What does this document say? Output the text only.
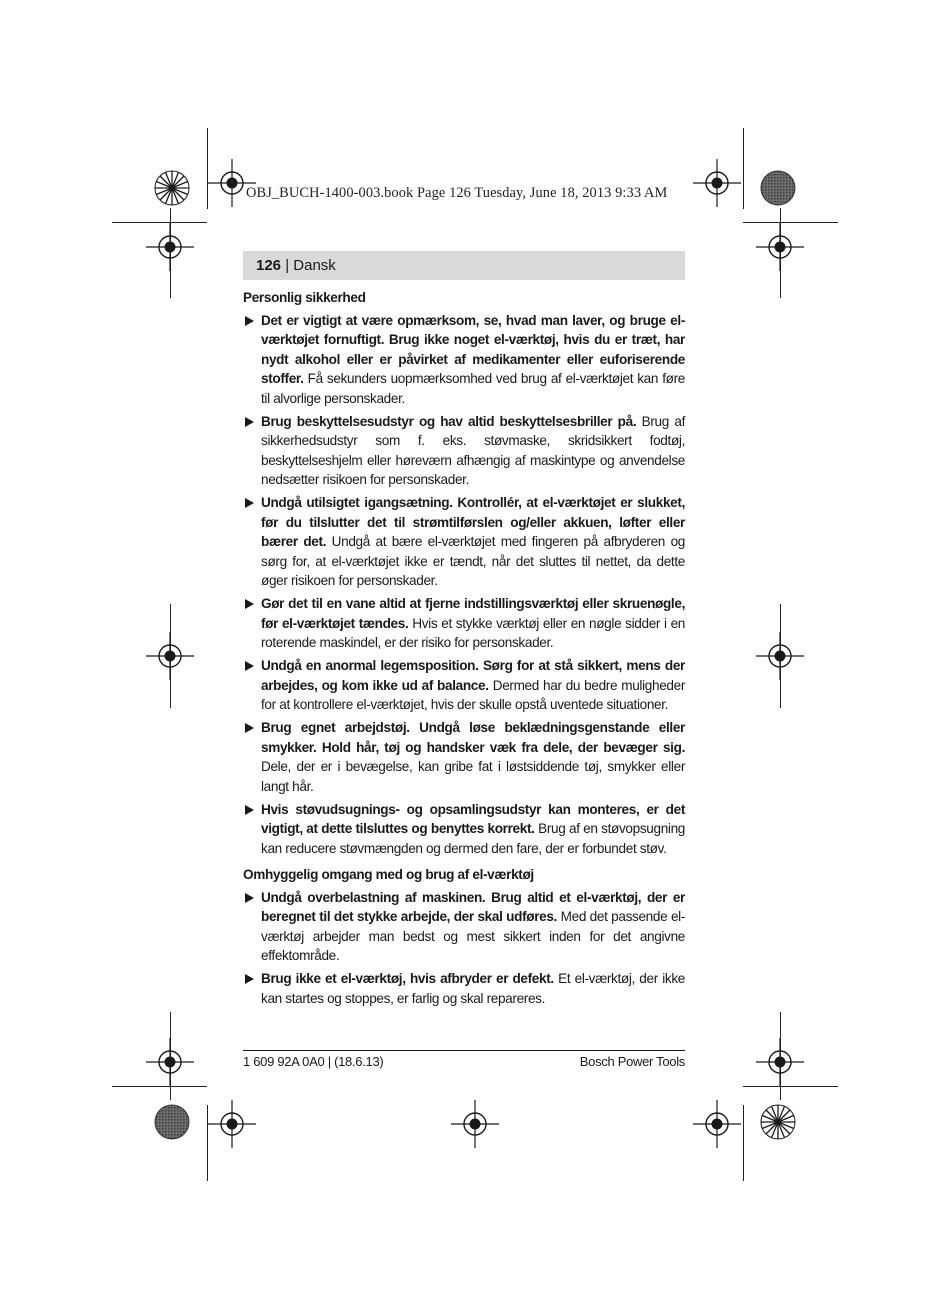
OBJ_BUCH-1400-003.book Page 126 Tuesday, June 18, 2013 9:33 AM
126 | Dansk
Personlig sikkerhed
Det er vigtigt at være opmærksom, se, hvad man laver, og bruge el-værktøjet fornuftigt. Brug ikke noget el-værktøj, hvis du er træt, har nydt alkohol eller er påvirket af medikamenter eller euforiserende stoffer. Få sekunders uopmærksomhed ved brug af el-værktøjet kan føre til alvorlige personskader.
Brug beskyttelsesudstyr og hav altid beskyttelsesbriller på. Brug af sikkerhedsudstyr som f. eks. støvmaske, skridsikkert fodtøj, beskyttelseshjelm eller høreværn afhængig af maskintype og anvendelse nedsætter risikoen for personskader.
Undgå utilsigtet igangsætning. Kontrollér, at el-værktøjet er slukket, før du tilslutter det til strømtilførslen og/eller akkuen, løfter eller bærer det. Undgå at bære el-værktøjet med fingeren på afbryderen og sørg for, at el-værktøjet ikke er tændt, når det sluttes til nettet, da dette øger risikoen for personskader.
Gør det til en vane altid at fjerne indstillingsværktøj eller skruenøgle, før el-værktøjet tændes. Hvis et stykke værktøj eller en nøgle sidder i en roterende maskindel, er der risiko for personskader.
Undgå en anormal legemsposition. Sørg for at stå sikkert, mens der arbejdes, og kom ikke ud af balance. Dermed har du bedre muligheder for at kontrollere el-værktøjet, hvis der skulle opstå uventede situationer.
Brug egnet arbejdstøj. Undgå løse beklædningsgenstande eller smykker. Hold hår, tøj og handsker væk fra dele, der bevæger sig. Dele, der er i bevægelse, kan gribe fat i løstsiddende tøj, smykker eller langt hår.
Hvis støvudsugnings- og opsamlingsudstyr kan monteres, er det vigtigt, at dette tilsluttes og benyttes korrekt. Brug af en støvopsugning kan reducere støvmængden og dermed den fare, der er forbundet støv.
Omhyggelig omgang med og brug af el-værktøj
Undgå overbelastning af maskinen. Brug altid et el-værktøj, der er beregnet til det stykke arbejde, der skal udføres. Med det passende el-værktøj arbejder man bedst og mest sikkert inden for det angivne effektområde.
Brug ikke et el-værktøj, hvis afbryder er defekt. Et el-værktøj, der ikke kan startes og stoppes, er farlig og skal repareres.
1 609 92A 0A0 | (18.6.13)	Bosch Power Tools
